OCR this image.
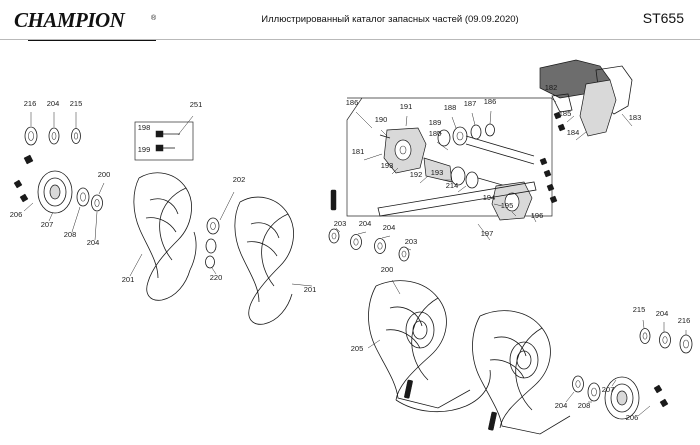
CHAMPION	®	Иллюстрированный каталог запасных частей (09.09.2020)	ST655
216 204 215	251
198
199
200
202
206
207
208
204
201	220
201
203 204 204
203
200
205
204 208
207
206
215 204
216
186
190
191
189
188 187 186
182
185
184
183
180
181
193
192 193
214
194
195
196
197
